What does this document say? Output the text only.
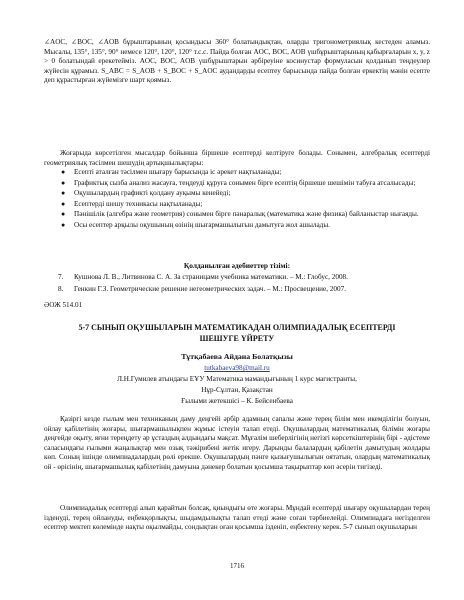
∠AOC, ∠BOC, ∠AOB бұрыштарының қосындысы 360° болатындықтан, оларды тригонометриялық кестеден аламыз. Мысалы, 135°, 135°, 90° немесе 120°, 120°, 120° т.с.с. Пайда болған AOC, BOC, AOB үшбұрыштарының қабырғаларын x, y, z > 0 болатындай ерекетейміз. AOC, BOC, AOB үшбұрыштарын әрбіреуіне косинустар формуласын қолданып теңдеулер жүйесін құрамыз. S_ABC = S_AOB + S_BOC + S_AOC аудандарды есептеу барысында пайда болған еркектің мәнін есепте деп құрастырған жүйемізге шарт қоямыз.

Жоғарыда көрсетілген мысалдар бойынша біршеше есептерді келтіруге болады. Сонымен, алгебралық есептерді геометриялық тәсілмен шешудің артықшылықтары:

● Есепті аталған тәсілмен шығару барысында іс әрекет нақтыланады;
● Графиктық сызба анализ жасауға, теңдеуді құруға сонымен бірге есептің біршеше шешімін табуға атсалысады;
● Оқушылардың графикті қолдану ауқымы кенейеді;
● Есептерді шешу техникасы нақтыланады;
● Пәнішілік (алгебра және геометрия) сонымен бірге пәнаралық (математика және физика) байланыстар нығаяды.
● Осы есептер арқылы оқушының өзінің шығармашылығын дамытуға жол ашылады.
Қолданылған әдебиеттер тізімі:
7. Кушнова Л. В., Литвинова С. А. За страницами учебника математики. – М.: Глобус, 2008.
8. Генкин Г.З. Геометрические решение негеометрических задач. – М.: Просвещение, 2007.
ӘОЖ 514.01
5-7 СЫНЫП ОҚУШЫЛАРЫН МАТЕМАТИКАДАН ОЛИМПИАДАЛЫҚ ЕСЕПТЕРДІ
ШЕШУГЕ ҮЙРЕТУ
Тұтқабаева Айдана Болатқызы
tutkabaeva98@mail.ru
Л.Н.Гумилев атындағы ЕҰУ Математика мамандығының 1 курс магистранты,
Нұр-Сұлтан, Қазақстан
Ғылыми жетекшісі – К. Бейсенбаева

Қазіргі кезде ғылым мен техниканың даму деңгейі әрбір адамның сапалы және терең білім мен икемділігін болуын, ойлау қабілетінің жоғары, шығармашылықпен жұмыс істеуін талап етеді. Оқушылардың математикалық білімін жоғары деңгейде оқыту, яғни тереңдету әр ұстаздың алдындағы мақсат. Мұғалім шеберлігінің негізгі көрсеткіштерінің бірі - әдістеме салаcындағы ғылыми жаңалықтар мен озық тәжірибені жетік игеру. Дарынды балалардың қабілетін дамытудың жолдары көп. Соның ішінде олимпиадалардың рөлі ерекше. Оқушылардың пәнге қызығушылығын оятатын, олардың математикалық ой - өрісінің, шығармашылық қабілетінің дамуына дәнекер болатын қосымша тақырыптар көп әсерін тигізеді.

Олимпиадалық есептерді алып қарайтын болсақ, қиындығы өте жоғары. Мұндай есептерді шығару оқушылардан терең ізденуді, терең ойлануды, еңбекқорлықты, шыдамдылықты талап етеді және соған тәрбиелейді. Олимпиадаға негізделген есептер мектеп көлемінде нақты оқылмайды, сондықтан оған қосымша ізденіп, еңбектену керек. 5-7 сынып оқушыларын

1716
